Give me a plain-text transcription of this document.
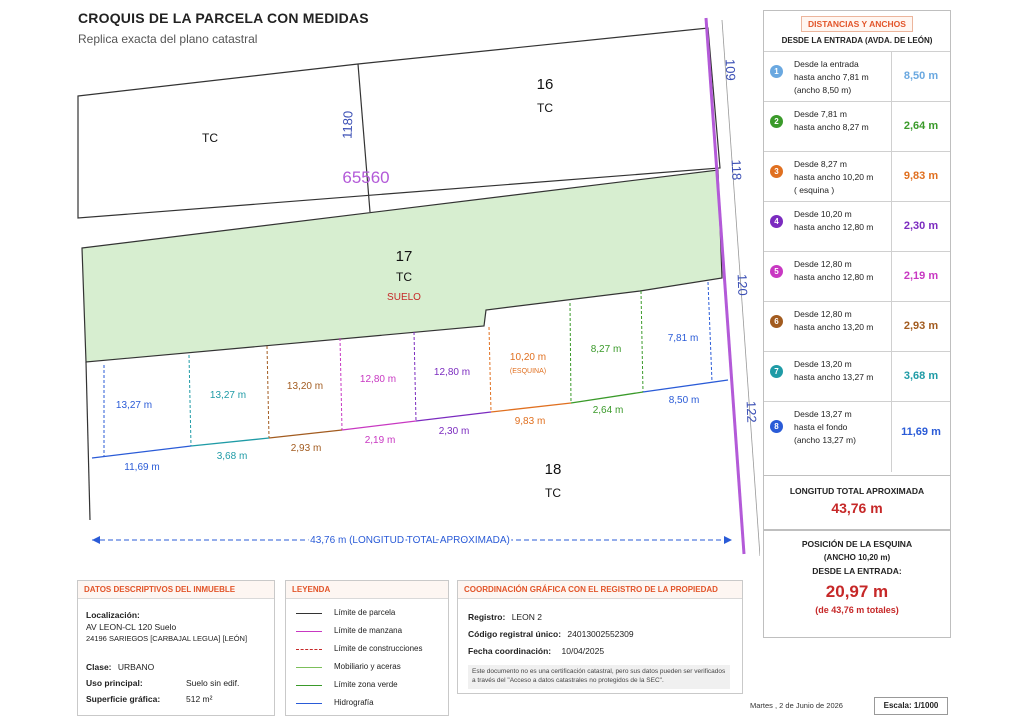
CROQUIS DE LA PARCELA CON MEDIDAS
Replica exacta del plano catastral
16
TC
TC	1180
65560
17
TC
SUELO
18
TC
109
118
120
122
43,76 m (LONGITUD TOTAL APROXIMADA)
13,27 m
13,27 m
13,20 m
12,80 m
12,80 m
10,20 m
(ESQUINA)
8,27 m
7,81 m
11,69 m
3,68 m
2,93 m
2,19 m
2,30 m
9,83 m
2,64 m
8,50 m
DISTANCIAS Y ANCHOS
DESDE LA ENTRADA (AVDA. DE LEÓN)
1
Desde la entrada
hasta ancho 7,81 m
(ancho 8,50 m)
8,50 m
2
Desde 7,81 m
hasta ancho 8,27 m	2,64 m
3
Desde 8,27 m
hasta ancho 10,20 m
( esquina )
9,83 m
4
Desde 10,20 m
hasta ancho 12,80 m	2,30 m
5
Desde 12,80 m
hasta ancho 12,80 m	2,19 m
6
Desde 12,80 m
hasta ancho 13,20 m	2,93 m
7
Desde 13,20 m
hasta ancho 13,27 m	3,68 m
8
Desde 13,27 m
hasta el fondo
(ancho 13,27 m)
11,69 m
LONGITUD TOTAL APROXIMADA
43,76 m
POSICIÓN DE LA ESQUINA
(ANCHO 10,20 m)
DESDE LA ENTRADA:
20,97 m
(de 43,76 m totales)
DATOS DESCRIPTIVOS DEL INMUEBLE
Localización:
AV LEON-CL 120 Suelo
24196 SARIEGOS [CARBAJAL LEGUA] [LEÓN]
Clase: URBANO
Uso principal:	Suelo sin edif.
Superficie gráfica:	512 m²
LEYENDA
Límite de parcela
Límite de manzana
Límite de construcciones
Mobiliario y aceras
Límite zona verde
Hidrografía
COORDINACIÓN GRÁFICA CON EL REGISTRO DE LA PROPIEDAD
Registro: LEON 2
Código registral único: 24013002552309
Fecha coordinación: 10/04/2025
Este documento no es una certificación catastral, pero sus datos pueden ser verificados a través del "Acceso a datos catastrales no protegidos de la SEC".
Martes , 2 de Junio de 2026	Escala: 1/1000
